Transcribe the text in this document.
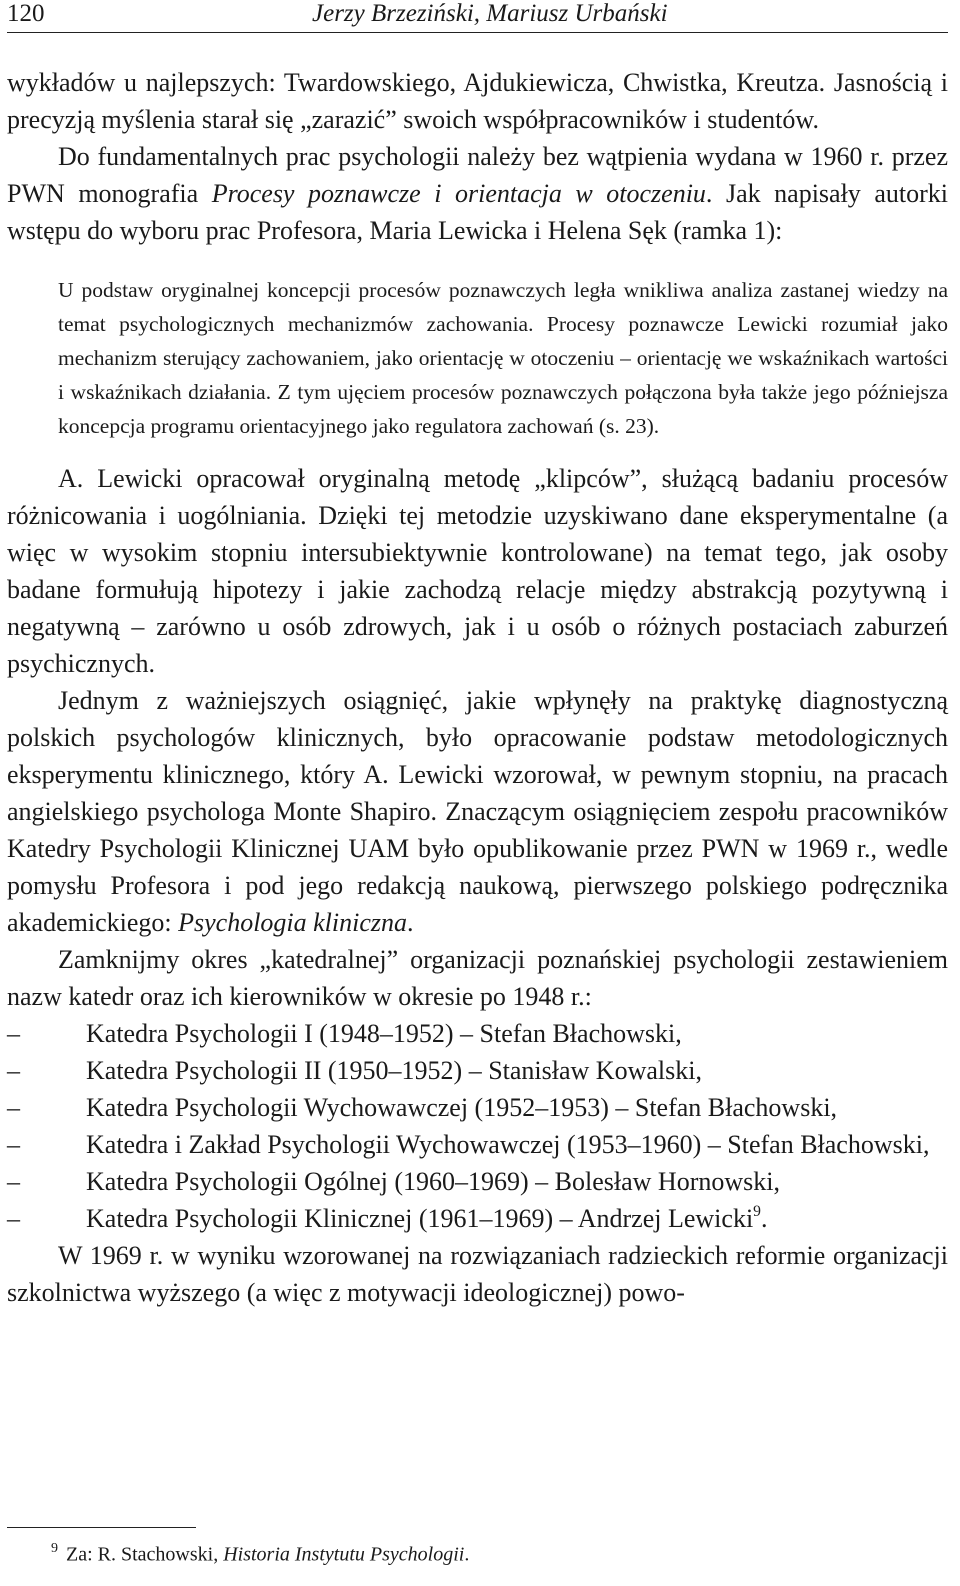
120	Jerzy Brzeziński, Mariusz Urbański

wykładów u najlepszych: Twardowskiego, Ajdukiewicza, Chwistka, Kreutza. Jasnością i precyzją myślenia starał się „zarazić” swoich współpracowników i studentów.

Do fundamentalnych prac psychologii należy bez wątpienia wydana w 1960 r. przez PWN monografia Procesy poznawcze i orientacja w otoczeniu. Jak napisały autorki wstępu do wyboru prac Profesora, Maria Lewicka i Helena Sęk (ramka 1):

U podstaw oryginalnej koncepcji procesów poznawczych legła wnikliwa analiza zastanej wiedzy na temat psychologicznych mechanizmów zachowania. Procesy poznawcze Lewicki rozumiał jako mechanizm sterujący zachowaniem, jako orientację w otoczeniu – orientację we wskaźnikach wartości i wskaźnikach działania. Z tym ujęciem procesów poznawczych połączona była także jego późniejsza koncepcja programu orientacyjnego jako regulatora zachowań (s. 23).

A. Lewicki opracował oryginalną metodę „klipców”, służącą badaniu procesów różnicowania i uogólniania. Dzięki tej metodzie uzyskiwano dane eksperymentalne (a więc w wysokim stopniu intersubiektywnie kontrolowane) na temat tego, jak osoby badane formułują hipotezy i jakie zachodzą relacje między abstrakcją pozytywną i negatywną – zarówno u osób zdrowych, jak i u osób o różnych postaciach zaburzeń psychicznych.

Jednym z ważniejszych osiągnięć, jakie wpłynęły na praktykę diagnostyczną polskich psychologów klinicznych, było opracowanie podstaw metodologicznych eksperymentu klinicznego, który A. Lewicki wzorował, w pewnym stopniu, na pracach angielskiego psychologa Monte Shapiro. Znaczącym osiągnięciem zespołu pracowników Katedry Psychologii Klinicznej UAM było opublikowanie przez PWN w 1969 r., wedle pomysłu Profesora i pod jego redakcją naukową, pierwszego polskiego podręcznika akademickiego: Psychologia kliniczna.

Zamknijmy okres „katedralnej” organizacji poznańskiej psychologii zestawieniem nazw katedr oraz ich kierowników w okresie po 1948 r.:

–	Katedra Psychologii I (1948–1952) – Stefan Błachowski,
–	Katedra Psychologii II (1950–1952) – Stanisław Kowalski,
–	Katedra Psychologii Wychowawczej (1952–1953) – Stefan Błachowski,
–	Katedra i Zakład Psychologii Wychowawczej (1953–1960) – Stefan Błachowski,
–	Katedra Psychologii Ogólnej (1960–1969) – Bolesław Hornowski,
–	Katedra Psychologii Klinicznej (1961–1969) – Andrzej Lewicki$^9$.

W 1969 r. w wyniku wzorowanej na rozwiązaniach radzieckich reformie organizacji szkolnictwa wyższego (a więc z motywacji ideologicznej) powo-

$^9$ Za: R. Stachowski, Historia Instytutu Psychologii.
